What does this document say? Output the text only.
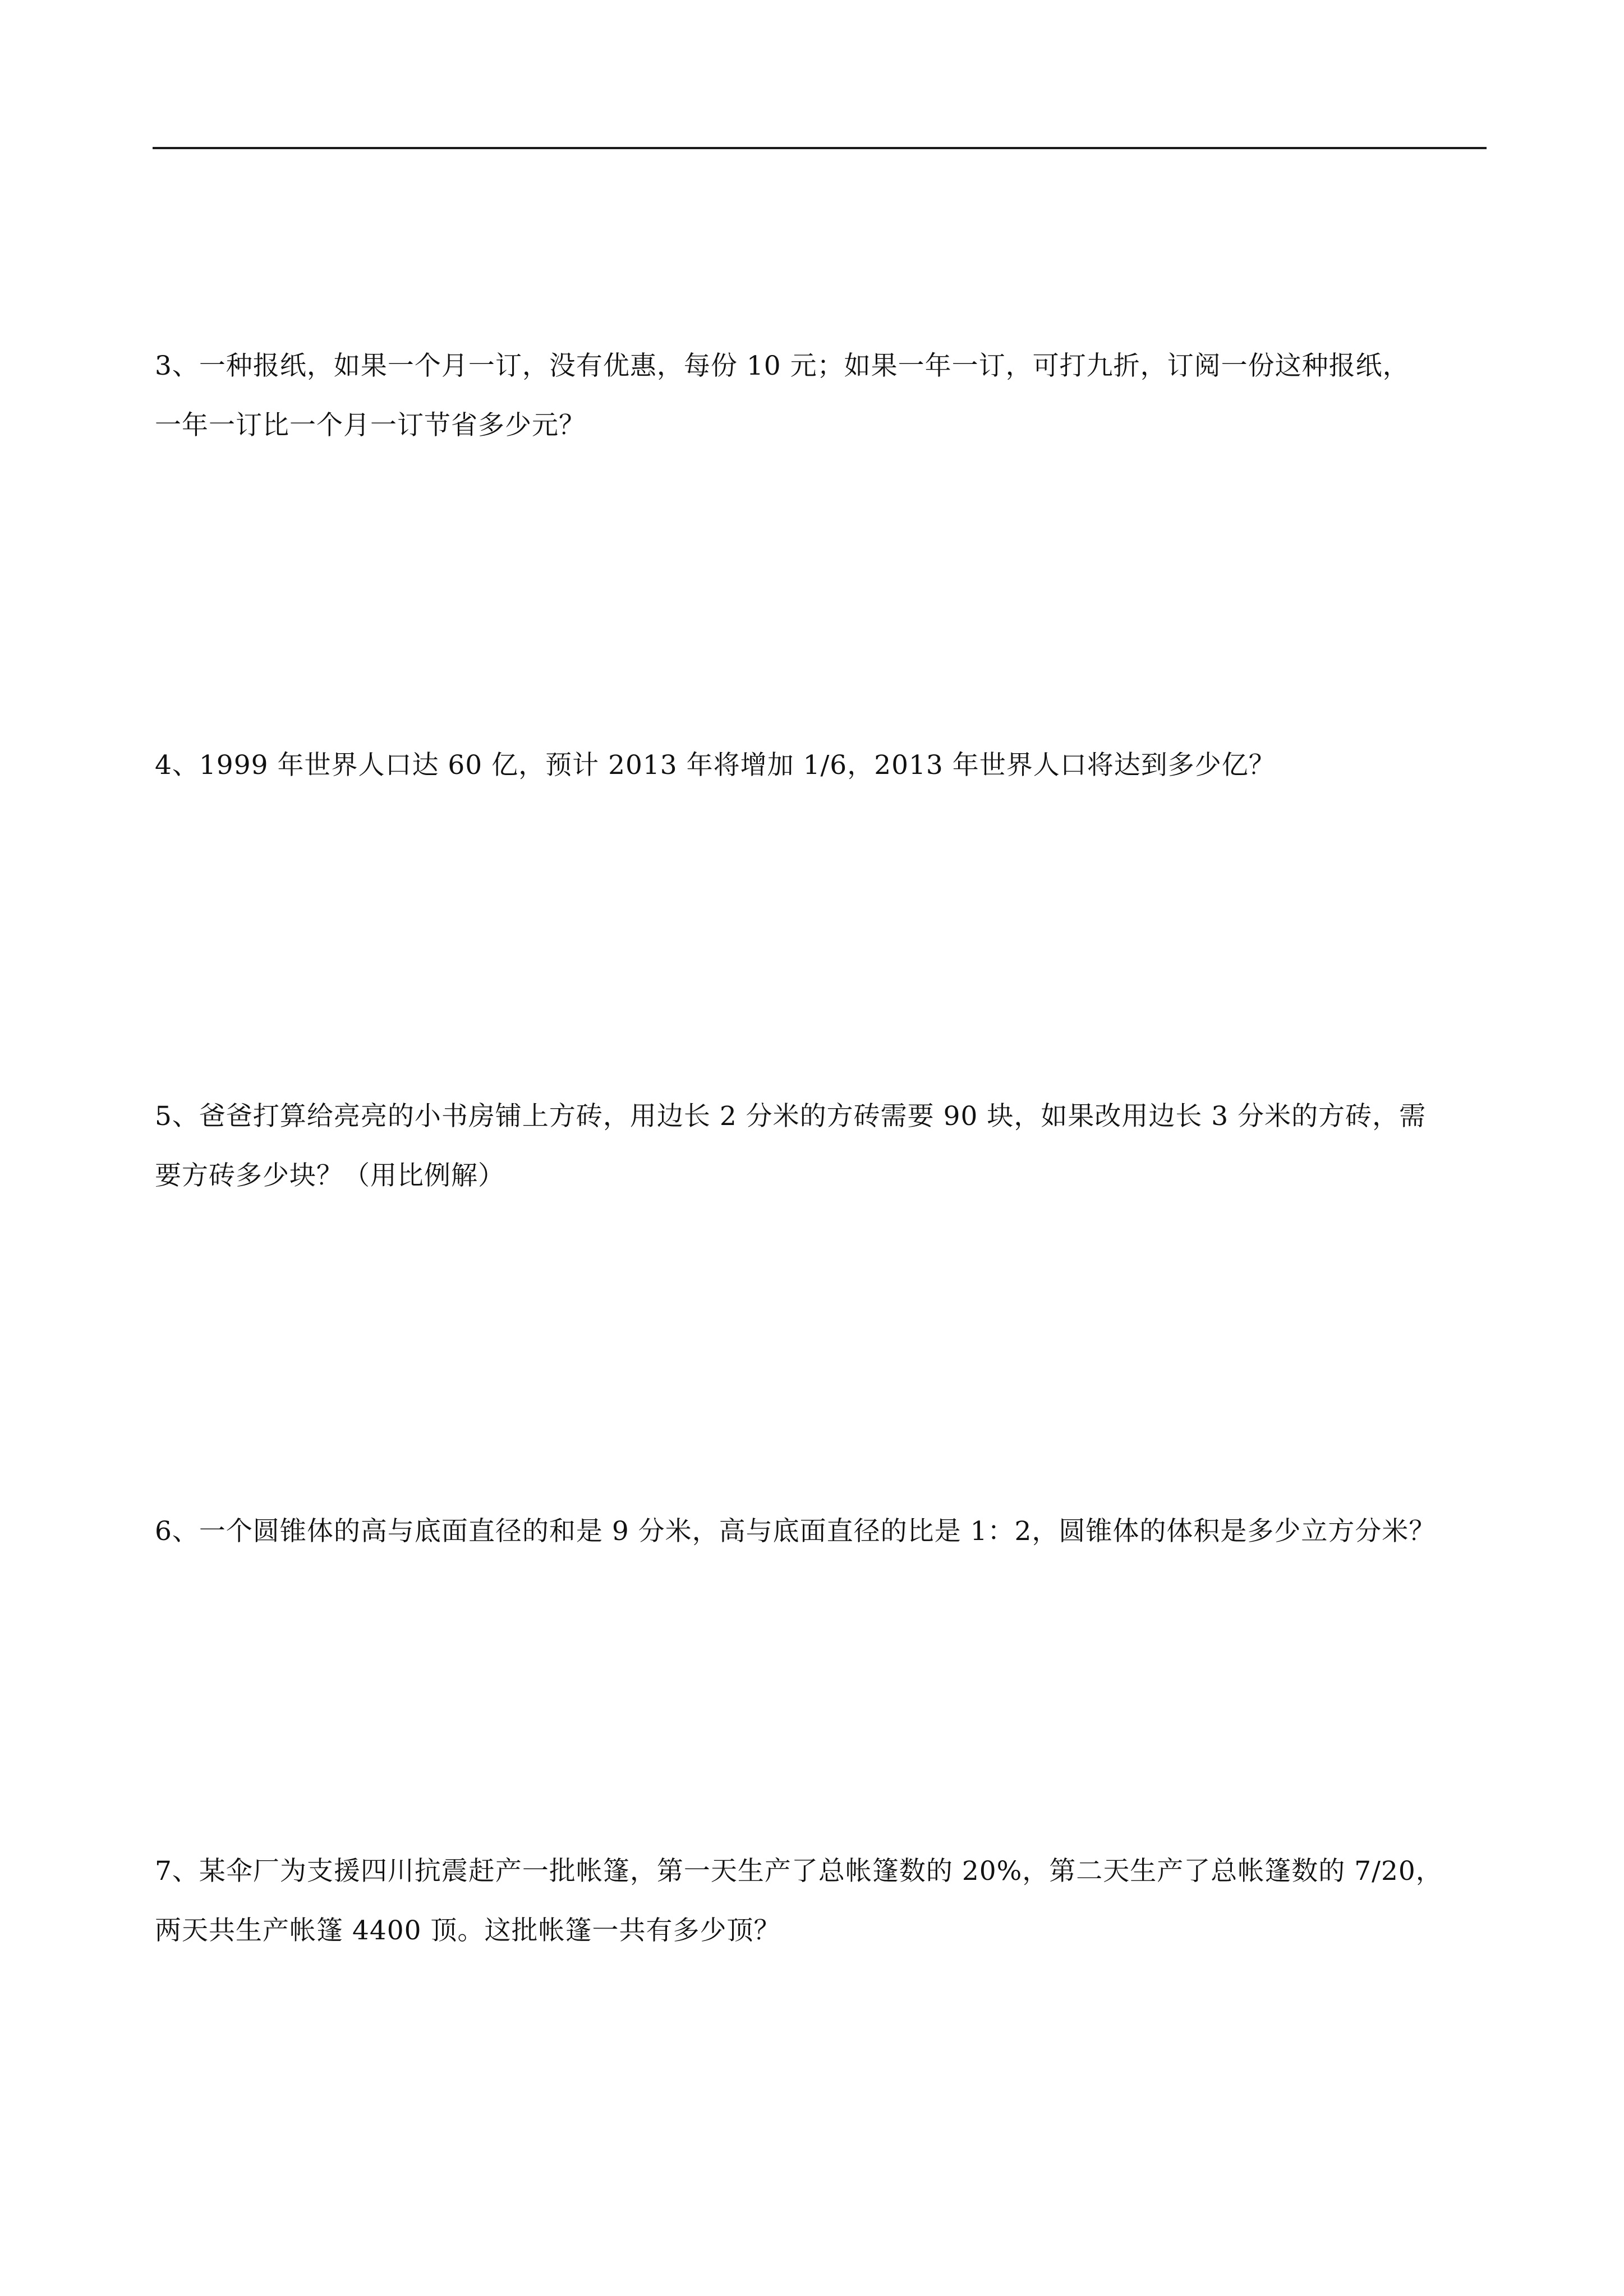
3、一种报纸，如果一个月一订，没有优惠，每份 10 元；如果一年一订，可打九折，订阅一份这种报纸，
一年一订比一个月一订节省多少元？

4、1999 年世界人口达 60 亿，预计 2013 年将增加 1/6，2013 年世界人口将达到多少亿？

5、爸爸打算给亮亮的小书房铺上方砖，用边长 2 分米的方砖需要 90 块，如果改用边长 3 分米的方砖，需
要方砖多少块？（用比例解）

6、一个圆锥体的高与底面直径的和是 9 分米，高与底面直径的比是 1：2，圆锥体的体积是多少立方分米？

7、某伞厂为支援四川抗震赶产一批帐篷，第一天生产了总帐篷数的 20%，第二天生产了总帐篷数的 7/20，
两天共生产帐篷 4400 顶。这批帐篷一共有多少顶？
